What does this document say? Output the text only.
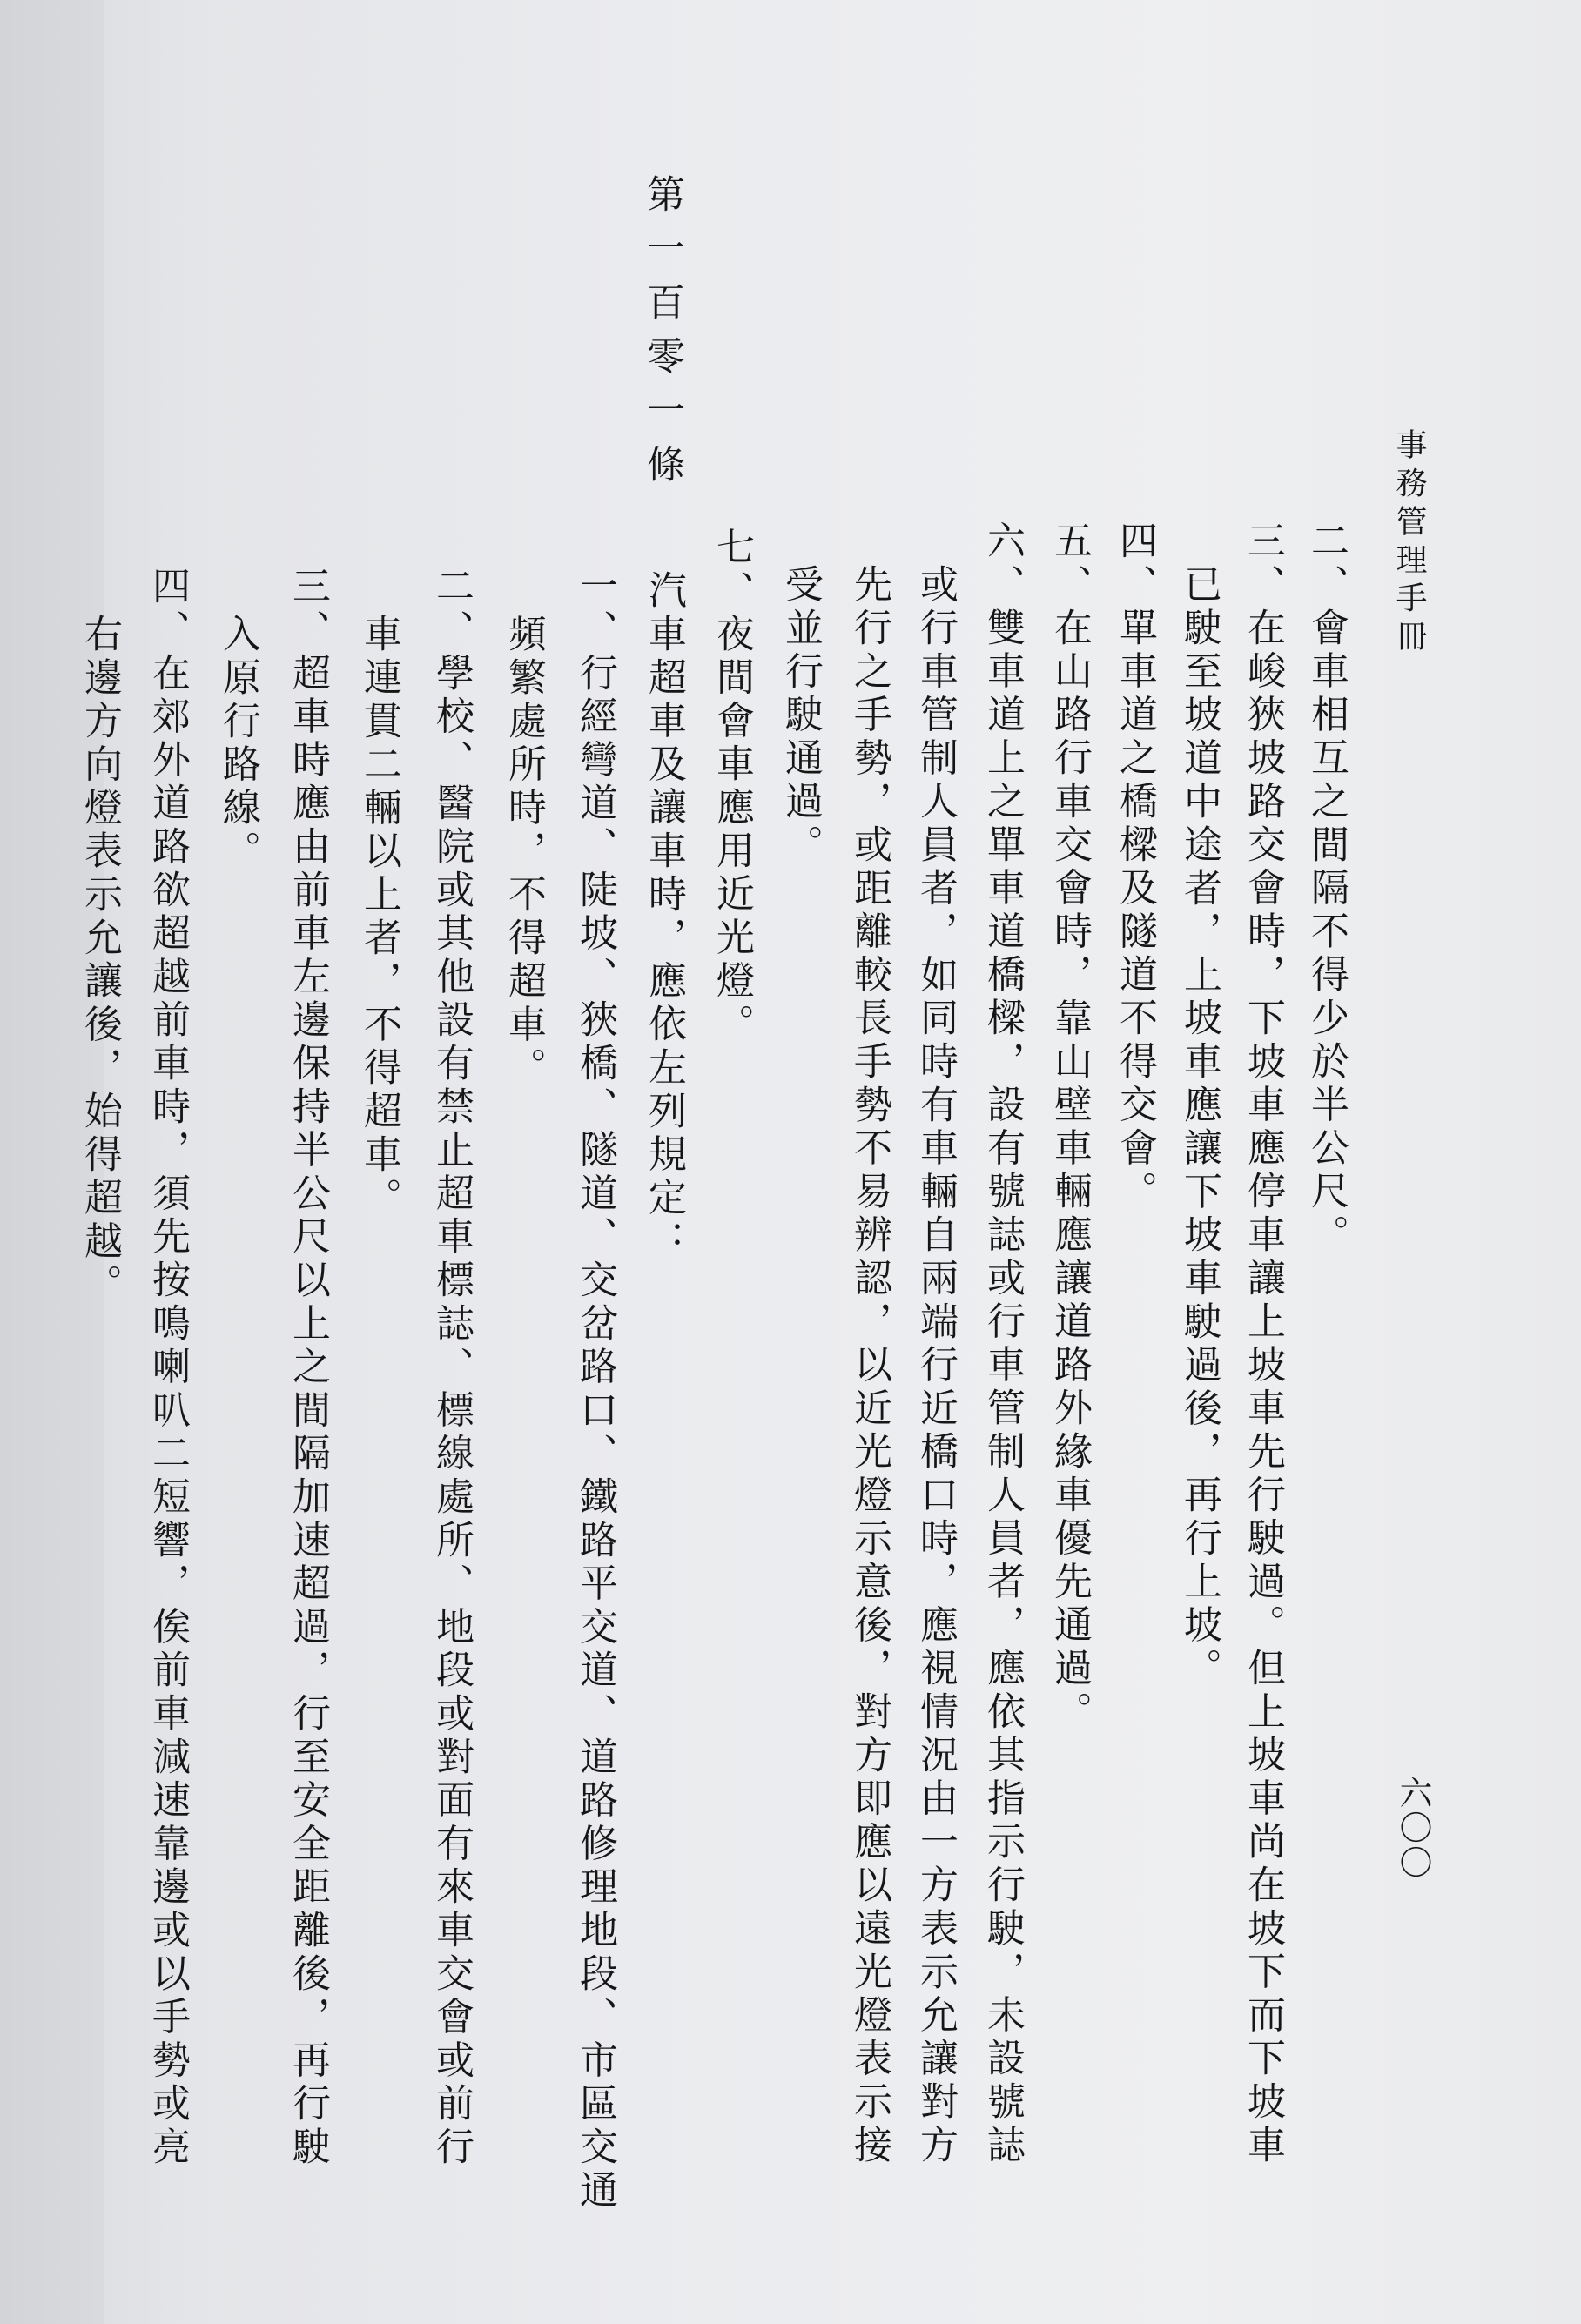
事務管理手冊
六〇〇
二、會車相互之間隔不得少於半公尺。
三、在峻狹坡路交會時，下坡車應停車讓上坡車先行駛過。但上坡車尚在坡下而下坡車
已駛至坡道中途者，上坡車應讓下坡車駛過後，再行上坡。
四、單車道之橋樑及隧道不得交會。
五、在山路行車交會時，靠山壁車輛應讓道路外緣車優先通過。
六、雙車道上之單車道橋樑，設有號誌或行車管制人員者，應依其指示行駛，未設號誌
或行車管制人員者，如同時有車輛自兩端行近橋口時，應視情況由一方表示允讓對方
先行之手勢，或距離較長手勢不易辨認，以近光燈示意後，對方即應以遠光燈表示接
受並行駛通過。
七、夜間會車應用近光燈。
第一百零一條
汽車超車及讓車時，應依左列規定：
一、行經彎道、陡坡、狹橋、隧道、交岔路口、鐵路平交道、道路修理地段、市區交通
頻繁處所時，不得超車。
二、學校、醫院或其他設有禁止超車標誌、標線處所、地段或對面有來車交會或前行
車連貫二輛以上者，不得超車。
三、超車時應由前車左邊保持半公尺以上之間隔加速超過，行至安全距離後，再行駛
入原行路線。
四、在郊外道路欲超越前車時，須先按鳴喇叭二短響，俟前車減速靠邊或以手勢或亮
右邊方向燈表示允讓後，始得超越。
